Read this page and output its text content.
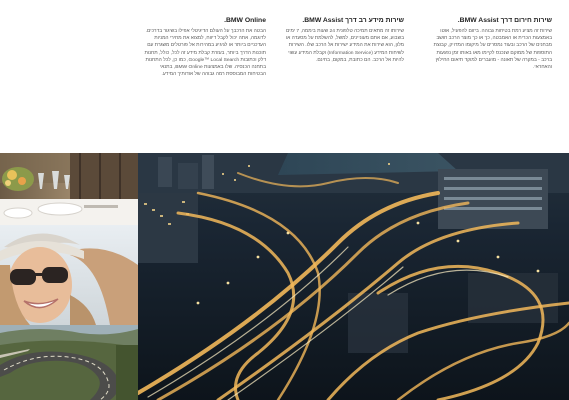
שירות חירום דרך BMW Assist.

שירות זה מציע רמת בטיחות גבוהה. ביזום להפעיל, אוטו באמצעות הכרית או האמבטה, כך או כך מוצר הרכב חושב מבחנים של הרכב ובעוד נמסרים על מיקומו המדויק, קבוצת התוספות של ממוקם שנכנס לקיימו מאו באותו זמן נפגעות ברכב - במקרה של תאונה - מועברים למוקד תיאום החילוץ והאחראי.

שירות מידע רב דרך BMW Assist.

שירותו זה מתאים תמיכה טלפונית 24 שעות ביממה, 7 ימים בשבוע, אם אתם מעוניינים, למשל, להשלמת על מסעדה או מלון, הוא שירות את המידע ישירות אל הרכב שלו. השירות לשיחות המידע (Information Service) וקבלת המידע עשוי להיות אל הרכב. הם כתובת, במקום, בחינם.

BMW Online.

הבטה את הרכבך על העולם הדיגיטלי אפילו בשיגור בדרכים. לדוגמה, אתה יכול לקבל דיווח, למצוא את מחירי המניות העדכניים ביותר או לגיגיע במהירות אל פורטלים משגרת עם תוכנות הדרך ביותר, בעזרת קבלת מידע זה לכל, כולל, תחנות דלק וכתובות Google™ Local Search, כמו כן, לכל התחנות בתחנה הכנסיה. שלו באמצעות BMW Online, בתנאי הבטיחות המבוססת רמה גבוהה של אודותיך המידע.
